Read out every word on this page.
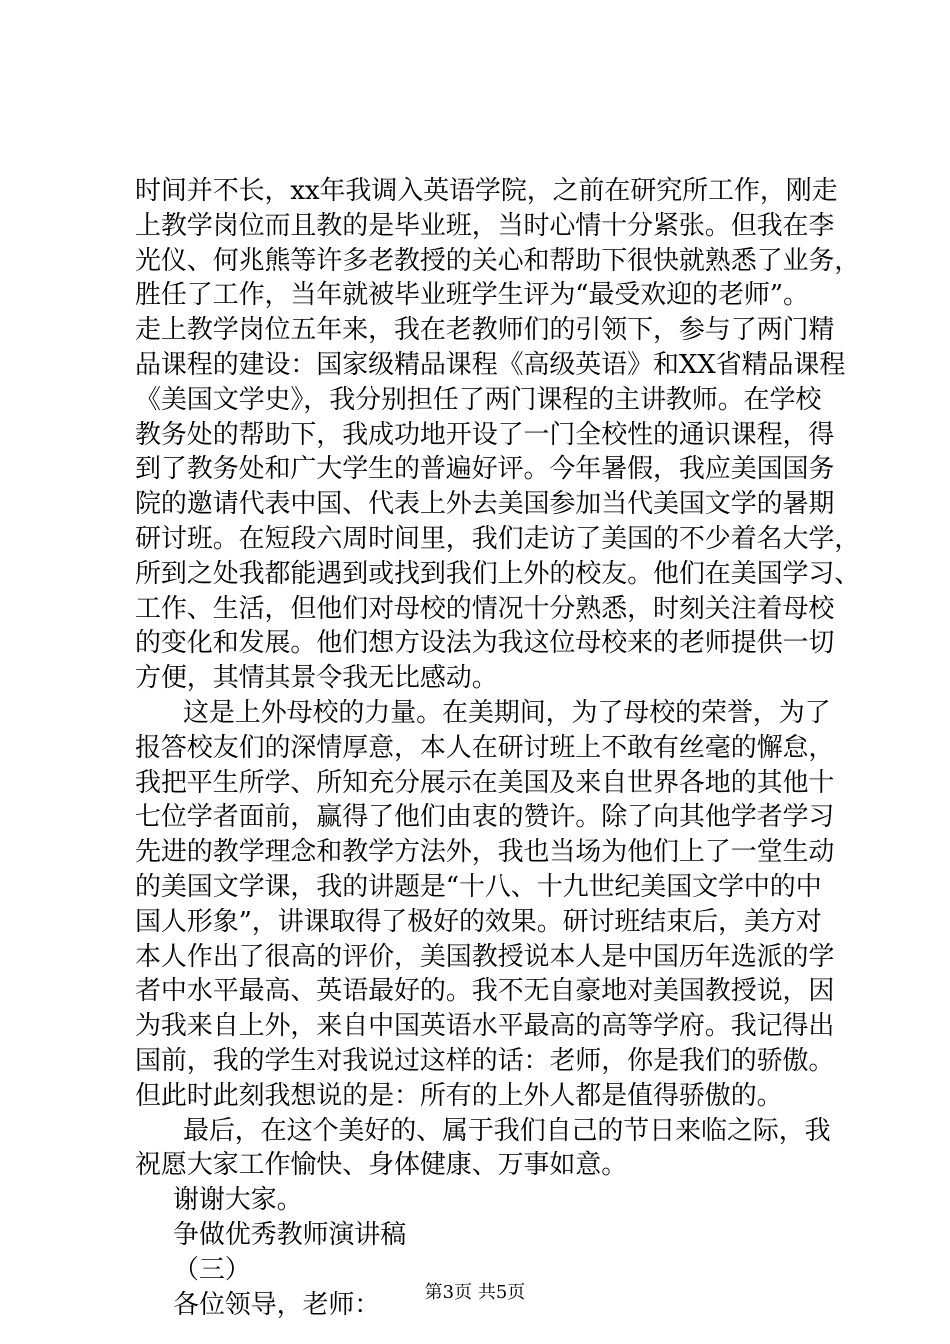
时间并不长，xx年我调入英语学院，之前在研究所工作，刚走
上教学岗位而且教的是毕业班，当时心情十分紧张。但我在李
光仪、何兆熊等许多老教授的关心和帮助下很快就熟悉了业务，
胜任了工作，当年就被毕业班学生评为“最受欢迎的老师”。
走上教学岗位五年来，我在老教师们的引领下，参与了两门精
品课程的建设：国家级精品课程《高级英语》和XX省精品课程
《美国文学史》，我分别担任了两门课程的主讲教师。在学校
教务处的帮助下，我成功地开设了一门全校性的通识课程，得
到了教务处和广大学生的普遍好评。今年暑假，我应美国国务
院的邀请代表中国、代表上外去美国参加当代美国文学的暑期
研讨班。在短段六周时间里，我们走访了美国的不少着名大学，
所到之处我都能遇到或找到我们上外的校友。他们在美国学习、
工作、生活，但他们对母校的情况十分熟悉，时刻关注着母校
的变化和发展。他们想方设法为我这位母校来的老师提供一切
方便，其情其景令我无比感动。
这是上外母校的力量。在美期间，为了母校的荣誉，为了
报答校友们的深情厚意，本人在研讨班上不敢有丝毫的懈怠，
我把平生所学、所知充分展示在美国及来自世界各地的其他十
七位学者面前，赢得了他们由衷的赞许。除了向其他学者学习
先进的教学理念和教学方法外，我也当场为他们上了一堂生动
的美国文学课，我的讲题是“十八、十九世纪美国文学中的中
国人形象”，讲课取得了极好的效果。研讨班结束后，美方对
本人作出了很高的评价，美国教授说本人是中国历年选派的学
者中水平最高、英语最好的。我不无自豪地对美国教授说，因
为我来自上外，来自中国英语水平最高的高等学府。我记得出
国前，我的学生对我说过这样的话：老师，你是我们的骄傲。
但此时此刻我想说的是：所有的上外人都是值得骄傲的。
最后，在这个美好的、属于我们自己的节日来临之际，我
祝愿大家工作愉快、身体健康、万事如意。
谢谢大家。
争做优秀教师演讲稿
（三）
各位领导，老师：	第3页 共5页
